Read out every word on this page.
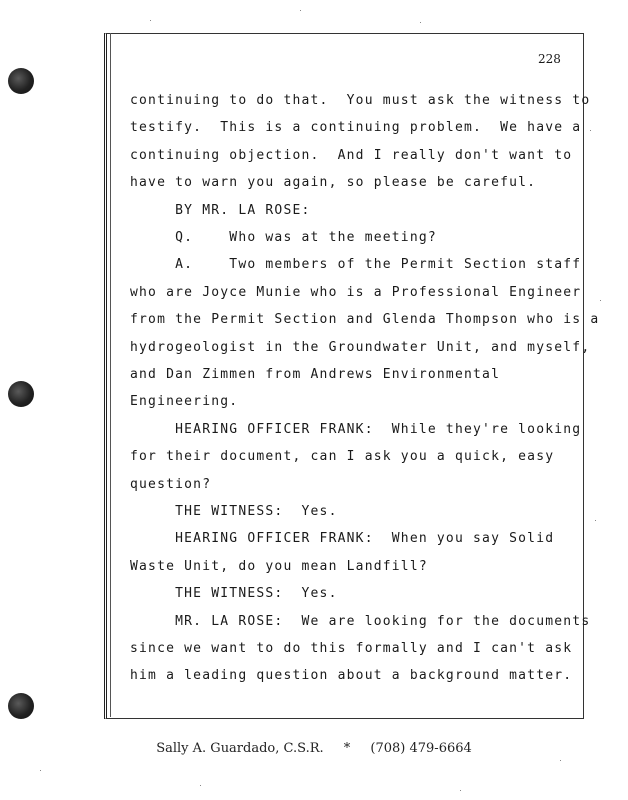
228
continuing to do that.  You must ask the witness to
testify.  This is a continuing problem.  We have a
continuing objection.  And I really don't want to
have to warn you again, so please be careful.
BY MR. LA ROSE:
Q.    Who was at the meeting?
A.    Two members of the Permit Section staff
who are Joyce Munie who is a Professional Engineer
from the Permit Section and Glenda Thompson who is a
hydrogeologist in the Groundwater Unit, and myself,
and Dan Zimmen from Andrews Environmental
Engineering.
HEARING OFFICER FRANK:  While they're looking
for their document, can I ask you a quick, easy
question?
THE WITNESS:  Yes.
HEARING OFFICER FRANK:  When you say Solid
Waste Unit, do you mean Landfill?
THE WITNESS:  Yes.
MR. LA ROSE:  We are looking for the documents
since we want to do this formally and I can't ask
him a leading question about a background matter.
Sally A. Guardado, C.S.R. * (708) 479-6664
